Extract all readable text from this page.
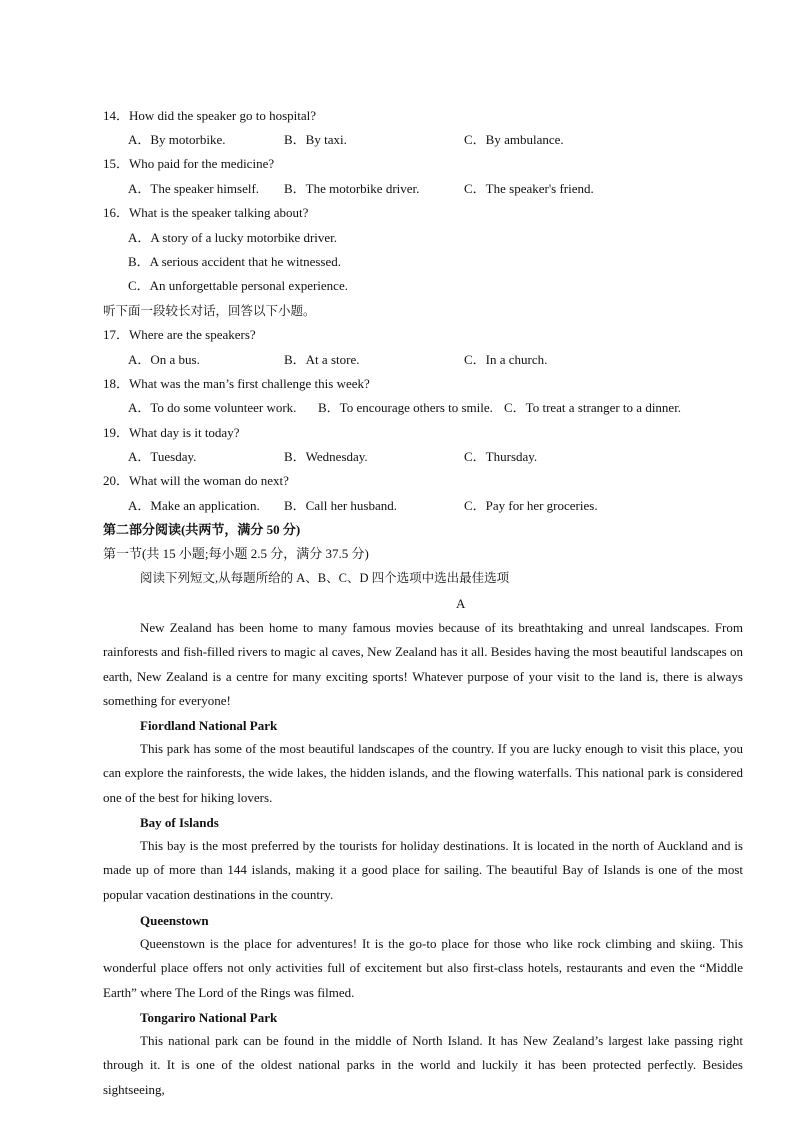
14．How did the speaker go to hospital?
A．By motorbike.	B．By taxi.	C．By ambulance.
15．Who paid for the medicine?
A．The speaker himself. B．The motorbike driver.	C．The speaker's friend.
16．What is the speaker talking about?
A．A story of a lucky motorbike driver.
B．A serious accident that he witnessed.
C．An unforgettable personal experience.
听下面一段较长对话，回答以下小题。
17．Where are the speakers?
A．On a bus.	B．At a store.	C．In a church.
18．What was the man’s first challenge this week?
A．To do some volunteer work. B．To encourage others to smile. C．To treat a stranger to a dinner.
19．What day is it today?
A．Tuesday.	B．Wednesday.	C．Thursday.
20．What will the woman do next?
A．Make an application. B．Call her husband.	C．Pay for her groceries.
第二部分阅读(共两节，满分 50 分)
第一节(共 15 小题;每小题 2.5 分，满分 37.5 分)
阅读下列短文,从每题所给的 A、B、C、D 四个选项中选出最佳选项
A
New Zealand has been home to many famous movies because of its breathtaking and unreal landscapes. From rainforests and fish-filled rivers to magic al caves, New Zealand has it all. Besides having the most beautiful landscapes on earth, New Zealand is a centre for many exciting sports! Whatever purpose of your visit to the land is, there is always something for everyone!
Fiordland National Park
This park has some of the most beautiful landscapes of the country. If you are lucky enough to visit this place, you can explore the rainforests, the wide lakes, the hidden islands, and the flowing waterfalls. This national park is considered one of the best for hiking lovers.
Bay of Islands
This bay is the most preferred by the tourists for holiday destinations. It is located in the north of Auckland and is made up of more than 144 islands, making it a good place for sailing. The beautiful Bay of Islands is one of the most popular vacation destinations in the country.
Queenstown
Queenstown is the place for adventures! It is the go-to place for those who like rock climbing and skiing. This wonderful place offers not only activities full of excitement but also first-class hotels, restaurants and even the “Middle Earth” where The Lord of the Rings was filmed.
Tongariro National Park
This national park can be found in the middle of North Island. It has New Zealand’s largest lake passing right through it. It is one of the oldest national parks in the world and luckily it has been protected perfectly. Besides sightseeing,
